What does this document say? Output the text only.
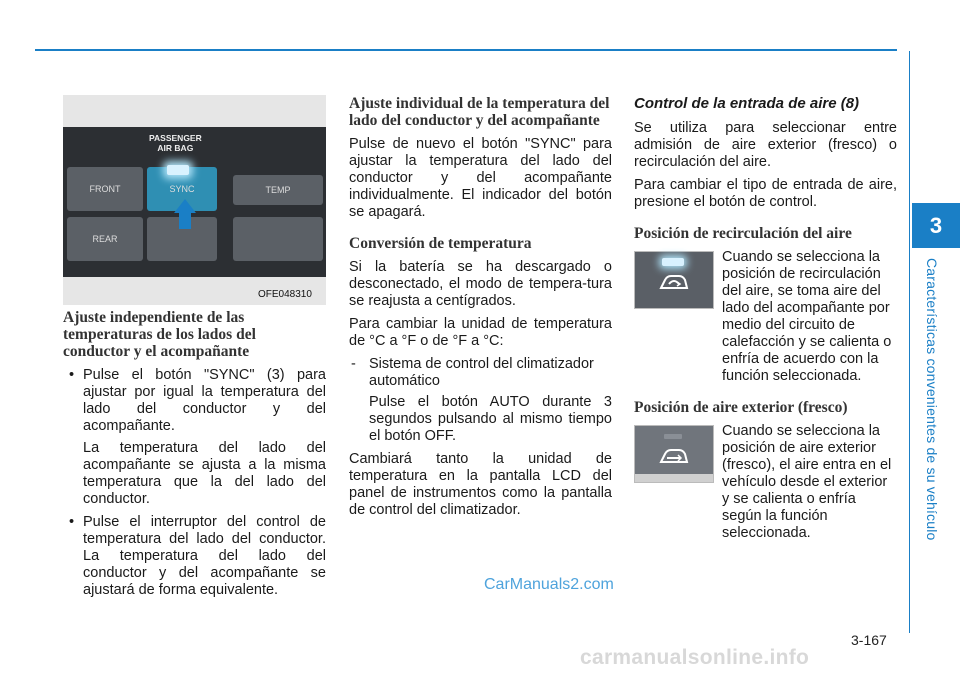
3
Características convenientes de su vehículo
PASSENGER
AIR BAG
FRONT	SYNC	TEMP
REAR
OFE048310
Ajuste independiente de las temperaturas de los lados del conductor y el acompañante
• Pulse el botón "SYNC" (3) para ajustar por igual la temperatura del lado del conductor y del acompañante.

La temperatura del lado del acompañante se ajusta a la misma temperatura que la del lado del conductor.

• Pulse el interruptor del control de temperatura del lado del conductor. La temperatura del lado del conductor y del acompañante se ajustará de forma equivalente.
Ajuste individual de la temperatura del lado del conductor y del acompañante

Pulse de nuevo el botón "SYNC" para ajustar la temperatura del lado del conductor y del acompañante individualmente. El indicador del botón se apagará.

Conversión de temperatura

Si la batería se ha descargado o desconectado, el modo de tempera-tura se reajusta a centígrados.

Para cambiar la unidad de temperatura de °C a °F o de °F a °C:

- Sistema de control del climatizador automático

Pulse el botón AUTO durante 3 segundos pulsando al mismo tiempo el botón OFF.

Cambiará tanto la unidad de temperatura en la pantalla LCD del panel de instrumentos como la pantalla de control del climatizador.

Control de la entrada de aire (8)

Se utiliza para seleccionar entre admisión de aire exterior (fresco) o recirculación del aire.

Para cambiar el tipo de entrada de aire, presione el botón de control.

Posición de recirculación del aire

Cuando se selecciona la posición de recirculación del aire, se toma aire del lado del acompañante por medio del circuito de calefacción y se calienta o enfría de acuerdo con la función seleccionada.

Posición de aire exterior (fresco)

Cuando se selecciona la posición de aire exterior (fresco), el aire entra en el vehículo desde el exterior y se calienta o enfría según la función seleccionada.

CarManuals2.com
3-167
carmanualsonline.info
